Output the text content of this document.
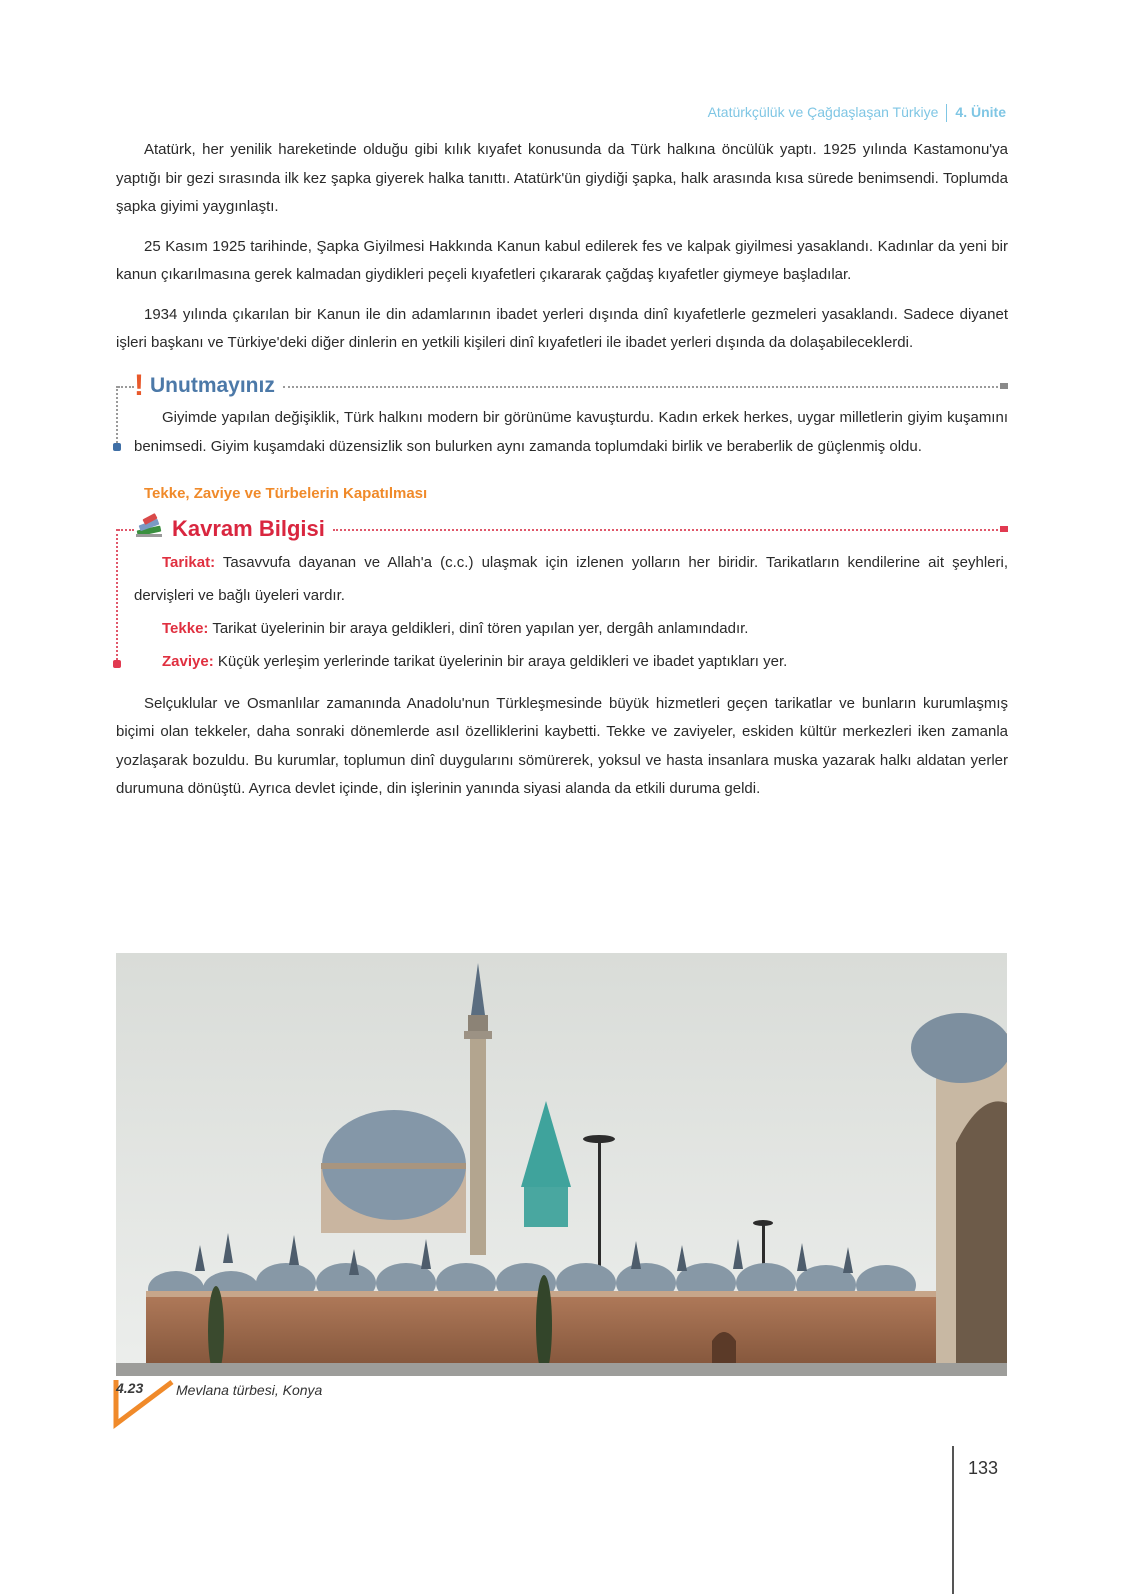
Atatürkçülük ve Çağdaşlaşan Türkiye 4. Ünite

Atatürk, her yenilik hareketinde olduğu gibi kılık kıyafet konusunda da Türk halkına öncülük yaptı. 1925 yılında Kastamonu'ya yaptığı bir gezi sırasında ilk kez şapka giyerek halka tanıttı. Atatürk'ün giydiği şapka, halk arasında kısa sürede benimsendi. Toplumda şapka giyimi yaygınlaştı.

25 Kasım 1925 tarihinde, Şapka Giyilmesi Hakkında Kanun kabul edilerek fes ve kalpak giyilmesi yasaklandı. Kadınlar da yeni bir kanun çıkarılmasına gerek kalmadan giydikleri peçeli kıyafetleri çıkararak çağdaş kıyafetler giymeye başladılar.

1934 yılında çıkarılan bir Kanun ile din adamlarının ibadet yerleri dışında dinî kıyafetlerle gezmeleri yasaklandı. Sadece diyanet işleri başkanı ve Türkiye'deki diğer dinlerin en yetkili kişileri dinî kıyafetleri ile ibadet yerleri dışında da dolaşabileceklerdi.

! Unutmayınız

Giyimde yapılan değişiklik, Türk halkını modern bir görünüme kavuşturdu. Kadın erkek herkes, uygar milletlerin giyim kuşamını benimsedi. Giyim kuşamdaki düzensizlik son bulurken aynı zamanda toplumdaki birlik ve beraberlik de güçlenmiş oldu.

Tekke, Zaviye ve Türbelerin Kapatılması
Kavram Bilgisi

Tarikat: Tasavvufa dayanan ve Allah'a (c.c.) ulaşmak için izlenen yolların her biridir. Tarikatların kendilerine ait şeyhleri, dervişleri ve bağlı üyeleri vardır.

Tekke: Tarikat üyelerinin bir araya geldikleri, dinî tören yapılan yer, dergâh anlamındadır.

Zaviye: Küçük yerleşim yerlerinde tarikat üyelerinin bir araya geldikleri ve ibadet yaptıkları yer.

Selçuklular ve Osmanlılar zamanında Anadolu'nun Türkleşmesinde büyük hizmetleri geçen tarikatlar ve bunların kurumlaşmış biçimi olan tekkeler, daha sonraki dönemlerde asıl özelliklerini kaybetti. Tekke ve zaviyeler, eskiden kültür merkezleri iken zamanla yozlaşarak bozuldu. Bu kurumlar, toplumun dinî duygularını sömürerek, yoksul ve hasta insanlara muska yazarak halkı aldatan yerler durumuna dönüştü. Ayrıca devlet içinde, din işlerinin yanında siyasi alanda da etkili duruma geldi.

4.23 Mevlana türbesi, Konya
133
